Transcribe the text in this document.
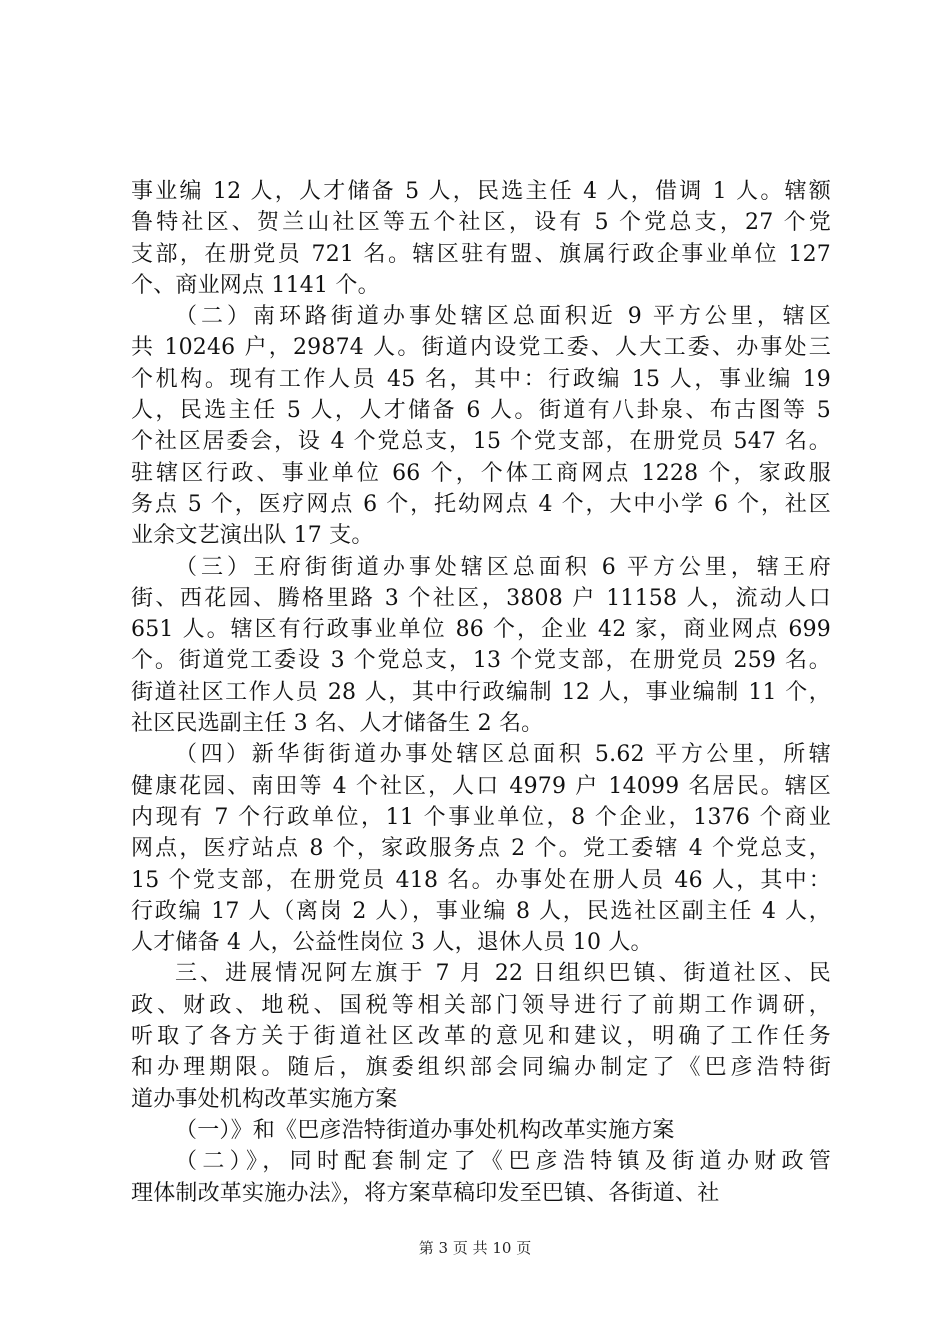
事业编 12 人，人才储备 5 人，民选主任 4 人，借调 1 人。辖额
鲁特社区、贺兰山社区等五个社区，设有 5 个党总支，27 个党
支部，在册党员 721 名。辖区驻有盟、旗属行政企事业单位 127
个、商业网点 1141 个。
（二）南环路街道办事处辖区总面积近 9 平方公里，辖区
共 10246 户，29874 人。街道内设党工委、人大工委、办事处三
个机构。现有工作人员 45 名，其中：行政编 15 人，事业编 19
人，民选主任 5 人，人才储备 6 人。街道有八卦泉、布古图等 5
个社区居委会，设 4 个党总支，15 个党支部，在册党员 547 名。
驻辖区行政、事业单位 66 个，个体工商网点 1228 个，家政服
务点 5 个，医疗网点 6 个，托幼网点 4 个，大中小学 6 个，社区
业余文艺演出队 17 支。
（三）王府街街道办事处辖区总面积 6 平方公里，辖王府
街、西花园、腾格里路 3 个社区，3808 户 11158 人，流动人口
651 人。辖区有行政事业单位 86 个，企业 42 家，商业网点 699
个。街道党工委设 3 个党总支，13 个党支部，在册党员 259 名。
街道社区工作人员 28 人，其中行政编制 12 人，事业编制 11 个，
社区民选副主任 3 名、人才储备生 2 名。
（四）新华街街道办事处辖区总面积 5.62 平方公里，所辖
健康花园、南田等 4 个社区，人口 4979 户 14099 名居民。辖区
内现有 7 个行政单位，11 个事业单位，8 个企业，1376 个商业
网点，医疗站点 8 个，家政服务点 2 个。党工委辖 4 个党总支，
15 个党支部，在册党员 418 名。办事处在册人员 46 人，其中：
行政编 17 人（离岗 2 人），事业编 8 人，民选社区副主任 4 人，
人才储备 4 人，公益性岗位 3 人，退休人员 10 人。
三、进展情况阿左旗于 7 月 22 日组织巴镇、街道社区、民
政、财政、地税、国税等相关部门领导进行了前期工作调研，
听取了各方关于街道社区改革的意见和建议，明确了工作任务
和办理期限。随后，旗委组织部会同编办制定了《巴彦浩特街
道办事处机构改革实施方案
（一）》和《巴彦浩特街道办事处机构改革实施方案
（二）》，同时配套制定了《巴彦浩特镇及街道办财政管
理体制改革实施办法》，将方案草稿印发至巴镇、各街道、社
第 3 页 共 10 页
